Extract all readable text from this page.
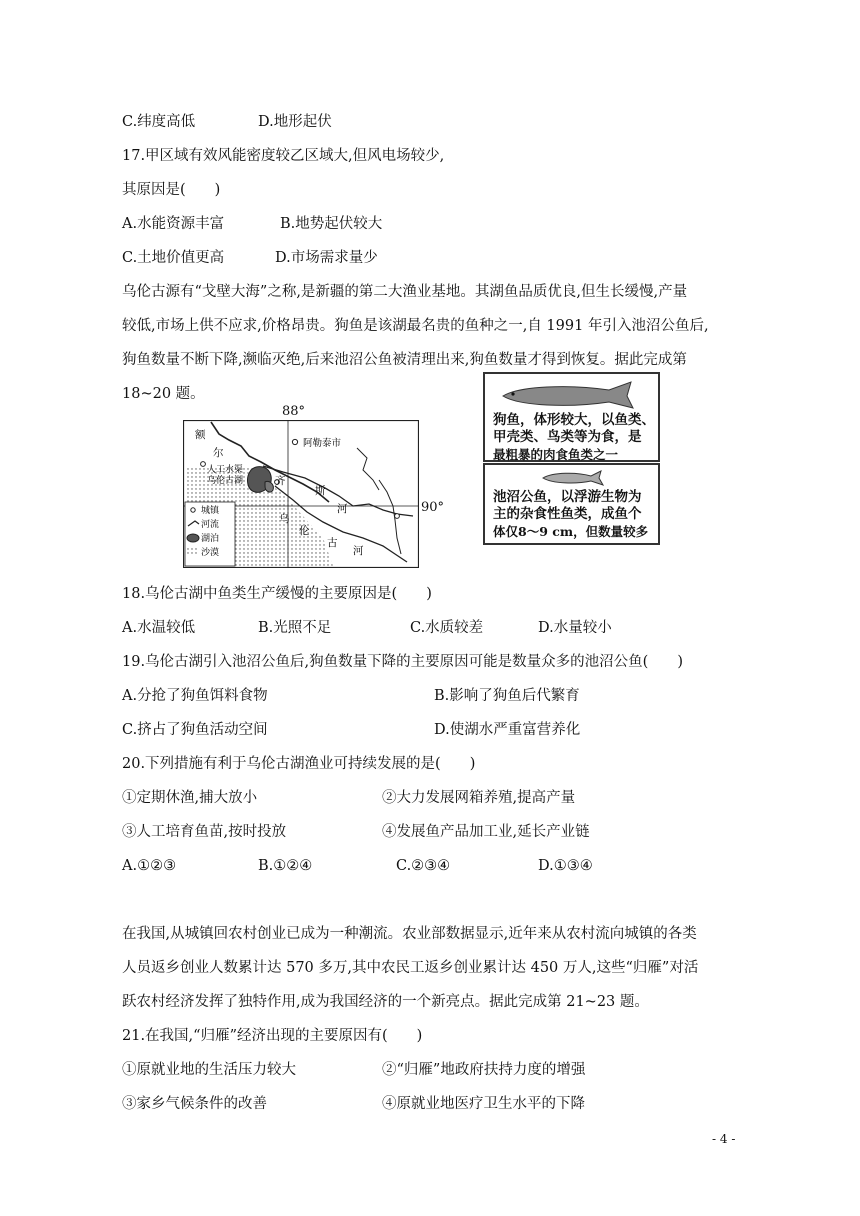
C.纬度高低	D.地形起伏
17.甲区域有效风能密度较乙区域大,但风电场较少,
其原因是(　　)
A.水能资源丰富	B.地势起伏较大
C.土地价值更高	D.市场需求量少
乌伦古源有“戈壁大海”之称,是新疆的第二大渔业基地。其湖鱼品质优良,但生长缓慢,产量
较低,市场上供不应求,价格昂贵。狗鱼是该湖最名贵的鱼种之一,自 1991 年引入池沼公鱼后,
狗鱼数量不断下降,濒临灭绝,后来池沼公鱼被清理出来,狗鱼数量才得到恢复。据此完成第
18~20 题。
88°
阿勒泰市
额
尔
人工水渠
乌伦古湖	齐
斯
河
乌
伦
古
河
城镇
河流
湖泊
沙漠
90°
狗鱼，体形较大，以鱼类、
甲壳类、鸟类等为食，是
最粗暴的肉食鱼类之一
池沼公鱼，以浮游生物为
主的杂食性鱼类，成鱼个
体仅8～9 cm，但数量较多
18.乌伦古湖中鱼类生产缓慢的主要原因是(　　)
A.水温较低	B.光照不足	C.水质较差	D.水量较小
19.乌伦古湖引入池沼公鱼后,狗鱼数量下降的主要原因可能是数量众多的池沼公鱼(　　)
A.分抢了狗鱼饵料食物	B.影响了狗鱼后代繁育
C.挤占了狗鱼活动空间	D.使湖水严重富营养化
20.下列措施有利于乌伦古湖渔业可持续发展的是(　　)
①定期休渔,捕大放小	②大力发展网箱养殖,提高产量
③人工培育鱼苗,按时投放	④发展鱼产品加工业,延长产业链
A.①②③	B.①②④	C.②③④	D.①③④
在我国,从城镇回农村创业已成为一种潮流。农业部数据显示,近年来从农村流向城镇的各类
人员返乡创业人数累计达 570 多万,其中农民工返乡创业累计达 450 万人,这些“归雁”对活
跃农村经济发挥了独特作用,成为我国经济的一个新亮点。据此完成第 21~23 题。
21.在我国,“归雁”经济出现的主要原因有(　　)
①原就业地的生活压力较大	②“归雁”地政府扶持力度的增强
③家乡气候条件的改善	④原就业地医疗卫生水平的下降
- 4 -
